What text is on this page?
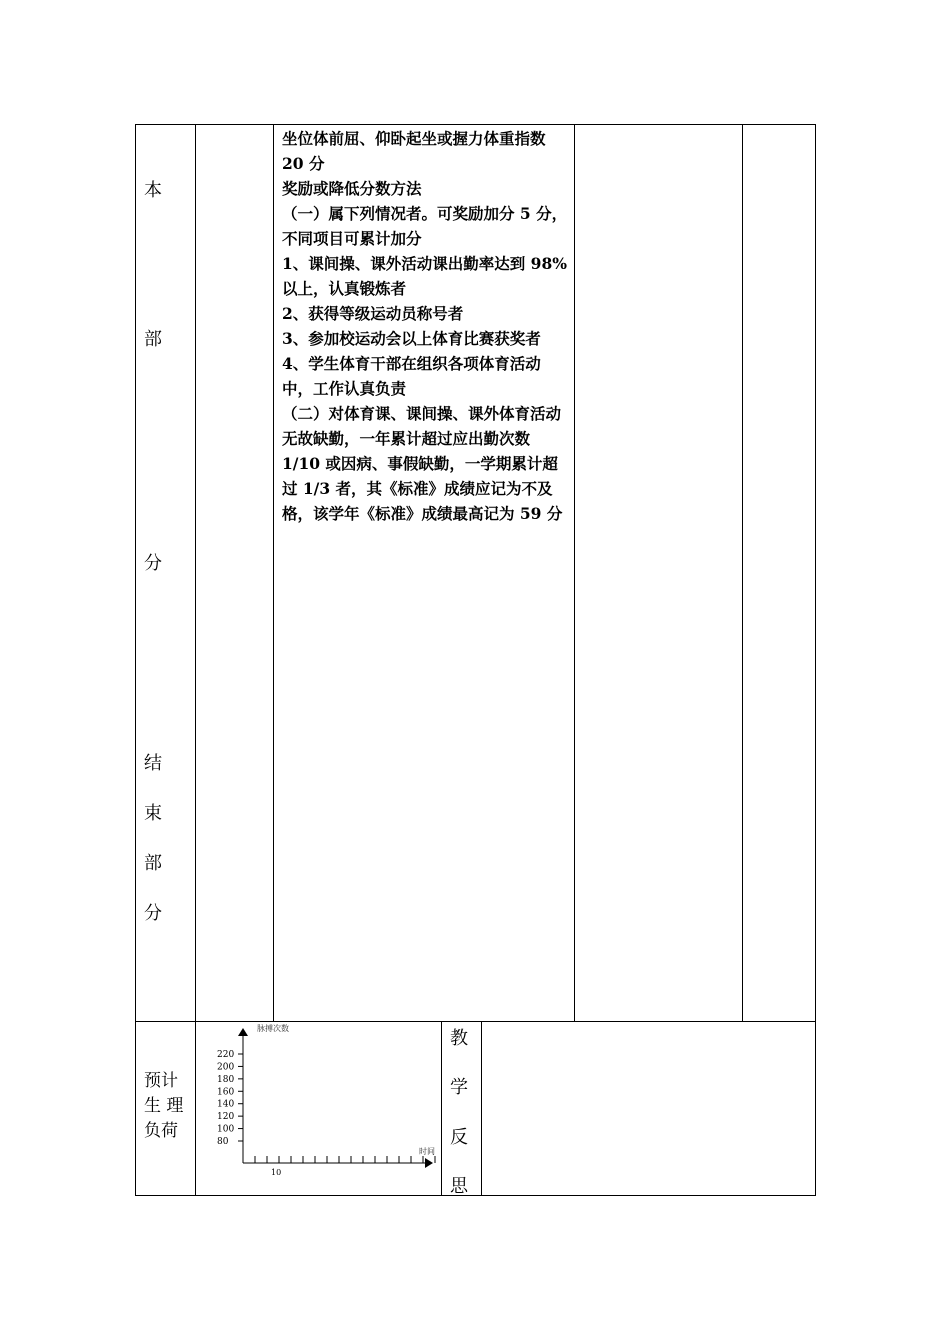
本
部
分
结
束
部
分
坐位体前屈、仰卧起坐或握力体重指数
20 分
奖励或降低分数方法
（一）属下列情况者。可奖励加分 5 分，
不同项目可累计加分
1、课间操、课外活动课出勤率达到 98%
以上，认真锻炼者
2、获得等级运动员称号者
3、参加校运动会以上体育比赛获奖者
4、学生体育干部在组织各项体育活动
中，工作认真负责
（二）对体育课、课间操、课外体育活动
无故缺勤，一年累计超过应出勤次数
1/10 或因病、事假缺勤，一学期累计超
过 1/3 者，其《标准》成绩应记为不及
格，该学年《标准》成绩最高记为 59 分
预计
生 理
负荷
220
200
180
160
140
120
100
80
10
脉搏次数
时间
教
学
反
思
